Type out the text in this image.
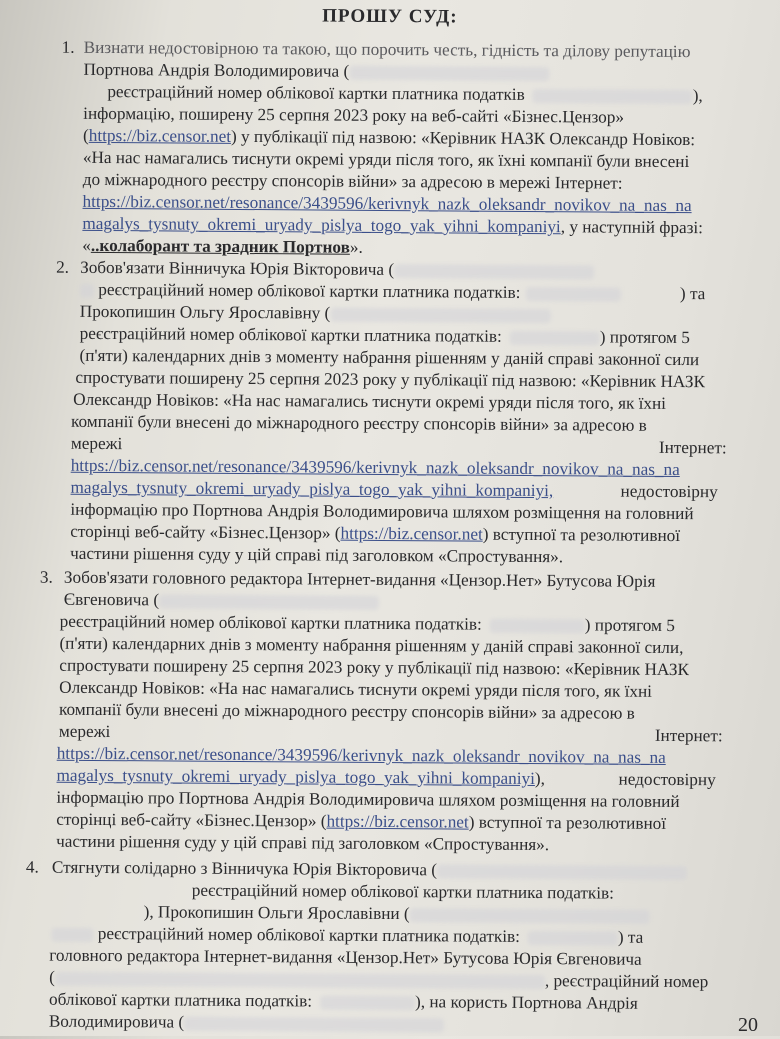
ПРОШУ СУД:
1. Визнати недостовірною та такою, що порочить честь, гідність та ділову репутацію
Портнова Андрія Володимировича (
реєстраційний номер облікової картки платника податків	),
інформацію, поширену 25 серпня 2023 року на веб-сайті «Бізнес.Цензор»
(https://biz.censor.net) у публікації під назвою: «Керівник НАЗК Олександр Новіков:
«На нас намагались тиснути окремі уряди після того, як їхні компанії були внесені
до міжнародного реєстру спонсорів війни» за адресою в мережі Інтернет:
https://biz.censor.net/resonance/3439596/kerivnyk_nazk_oleksandr_novikov_na_nas_na
magalys_tysnuty_okremi_uryady_pislya_togo_yak_yihni_kompaniyi, у наступній фразі:
«..колаборант та зрадник Портнов».
2. Зобов'язати Вінничука Юрія Вікторовича (
реєстраційний номер облікової картки платника податків:	) та
Прокопишин Ольгу Ярославівну (
реєстраційний номер облікової картки платника податків:	) протягом 5
(п'яти) календарних днів з моменту набрання рішенням у даній справі законної сили
спростувати поширену 25 серпня 2023 року у публікації під назвою: «Керівник НАЗК
Олександр Новіков: «На нас намагались тиснути окремі уряди після того, як їхні
компанії були внесені до міжнародного реєстру спонсорів війни» за адресою в
мережі	Інтернет:
https://biz.censor.net/resonance/3439596/kerivnyk_nazk_oleksandr_novikov_na_nas_na
magalys_tysnuty_okremi_uryady_pislya_togo_yak_yihni_kompaniyi,	недостовірну
інформацію про Портнова Андрія Володимировича шляхом розміщення на головний
сторінці веб-сайту «Бізнес.Цензор» (https://biz.censor.net) вступної та резолютивної
частини рішення суду у цій справі під заголовком «Спростування».
3. Зобов'язати головного редактора Інтернет-видання «Цензор.Нет» Бутусова Юрія
Євгеновича (
реєстраційний номер облікової картки платника податків:	) протягом 5
(п'яти) календарних днів з моменту набрання рішенням у даній справі законної сили,
спростувати поширену 25 серпня 2023 року у публікації під назвою: «Керівник НАЗК
Олександр Новіков: «На нас намагались тиснути окремі уряди після того, як їхні
компанії були внесені до міжнародного реєстру спонсорів війни» за адресою в
мережі	Інтернет:
https://biz.censor.net/resonance/3439596/kerivnyk_nazk_oleksandr_novikov_na_nas_na
magalys_tysnuty_okremi_uryady_pislya_togo_yak_yihni_kompaniyi),	недостовірну
інформацію про Портнова Андрія Володимировича шляхом розміщення на головний
сторінці веб-сайту «Бізнес.Цензор» (https://biz.censor.net) вступної та резолютивної
частини рішення суду у цій справі під заголовком «Спростування».
4. Стягнути солідарно з Вінничука Юрія Вікторовича (
реєстраційний номер облікової картки платника податків:
), Прокопишин Ольги Ярославівни (
реєстраційний номер облікової картки платника податків:	) та
головного редактора Інтернет-видання «Цензор.Нет» Бутусова Юрія Євгеновича
(	, реєстраційний номер
облікової картки платника податків:	), на користь Портнова Андрія
Володимировича (	20
